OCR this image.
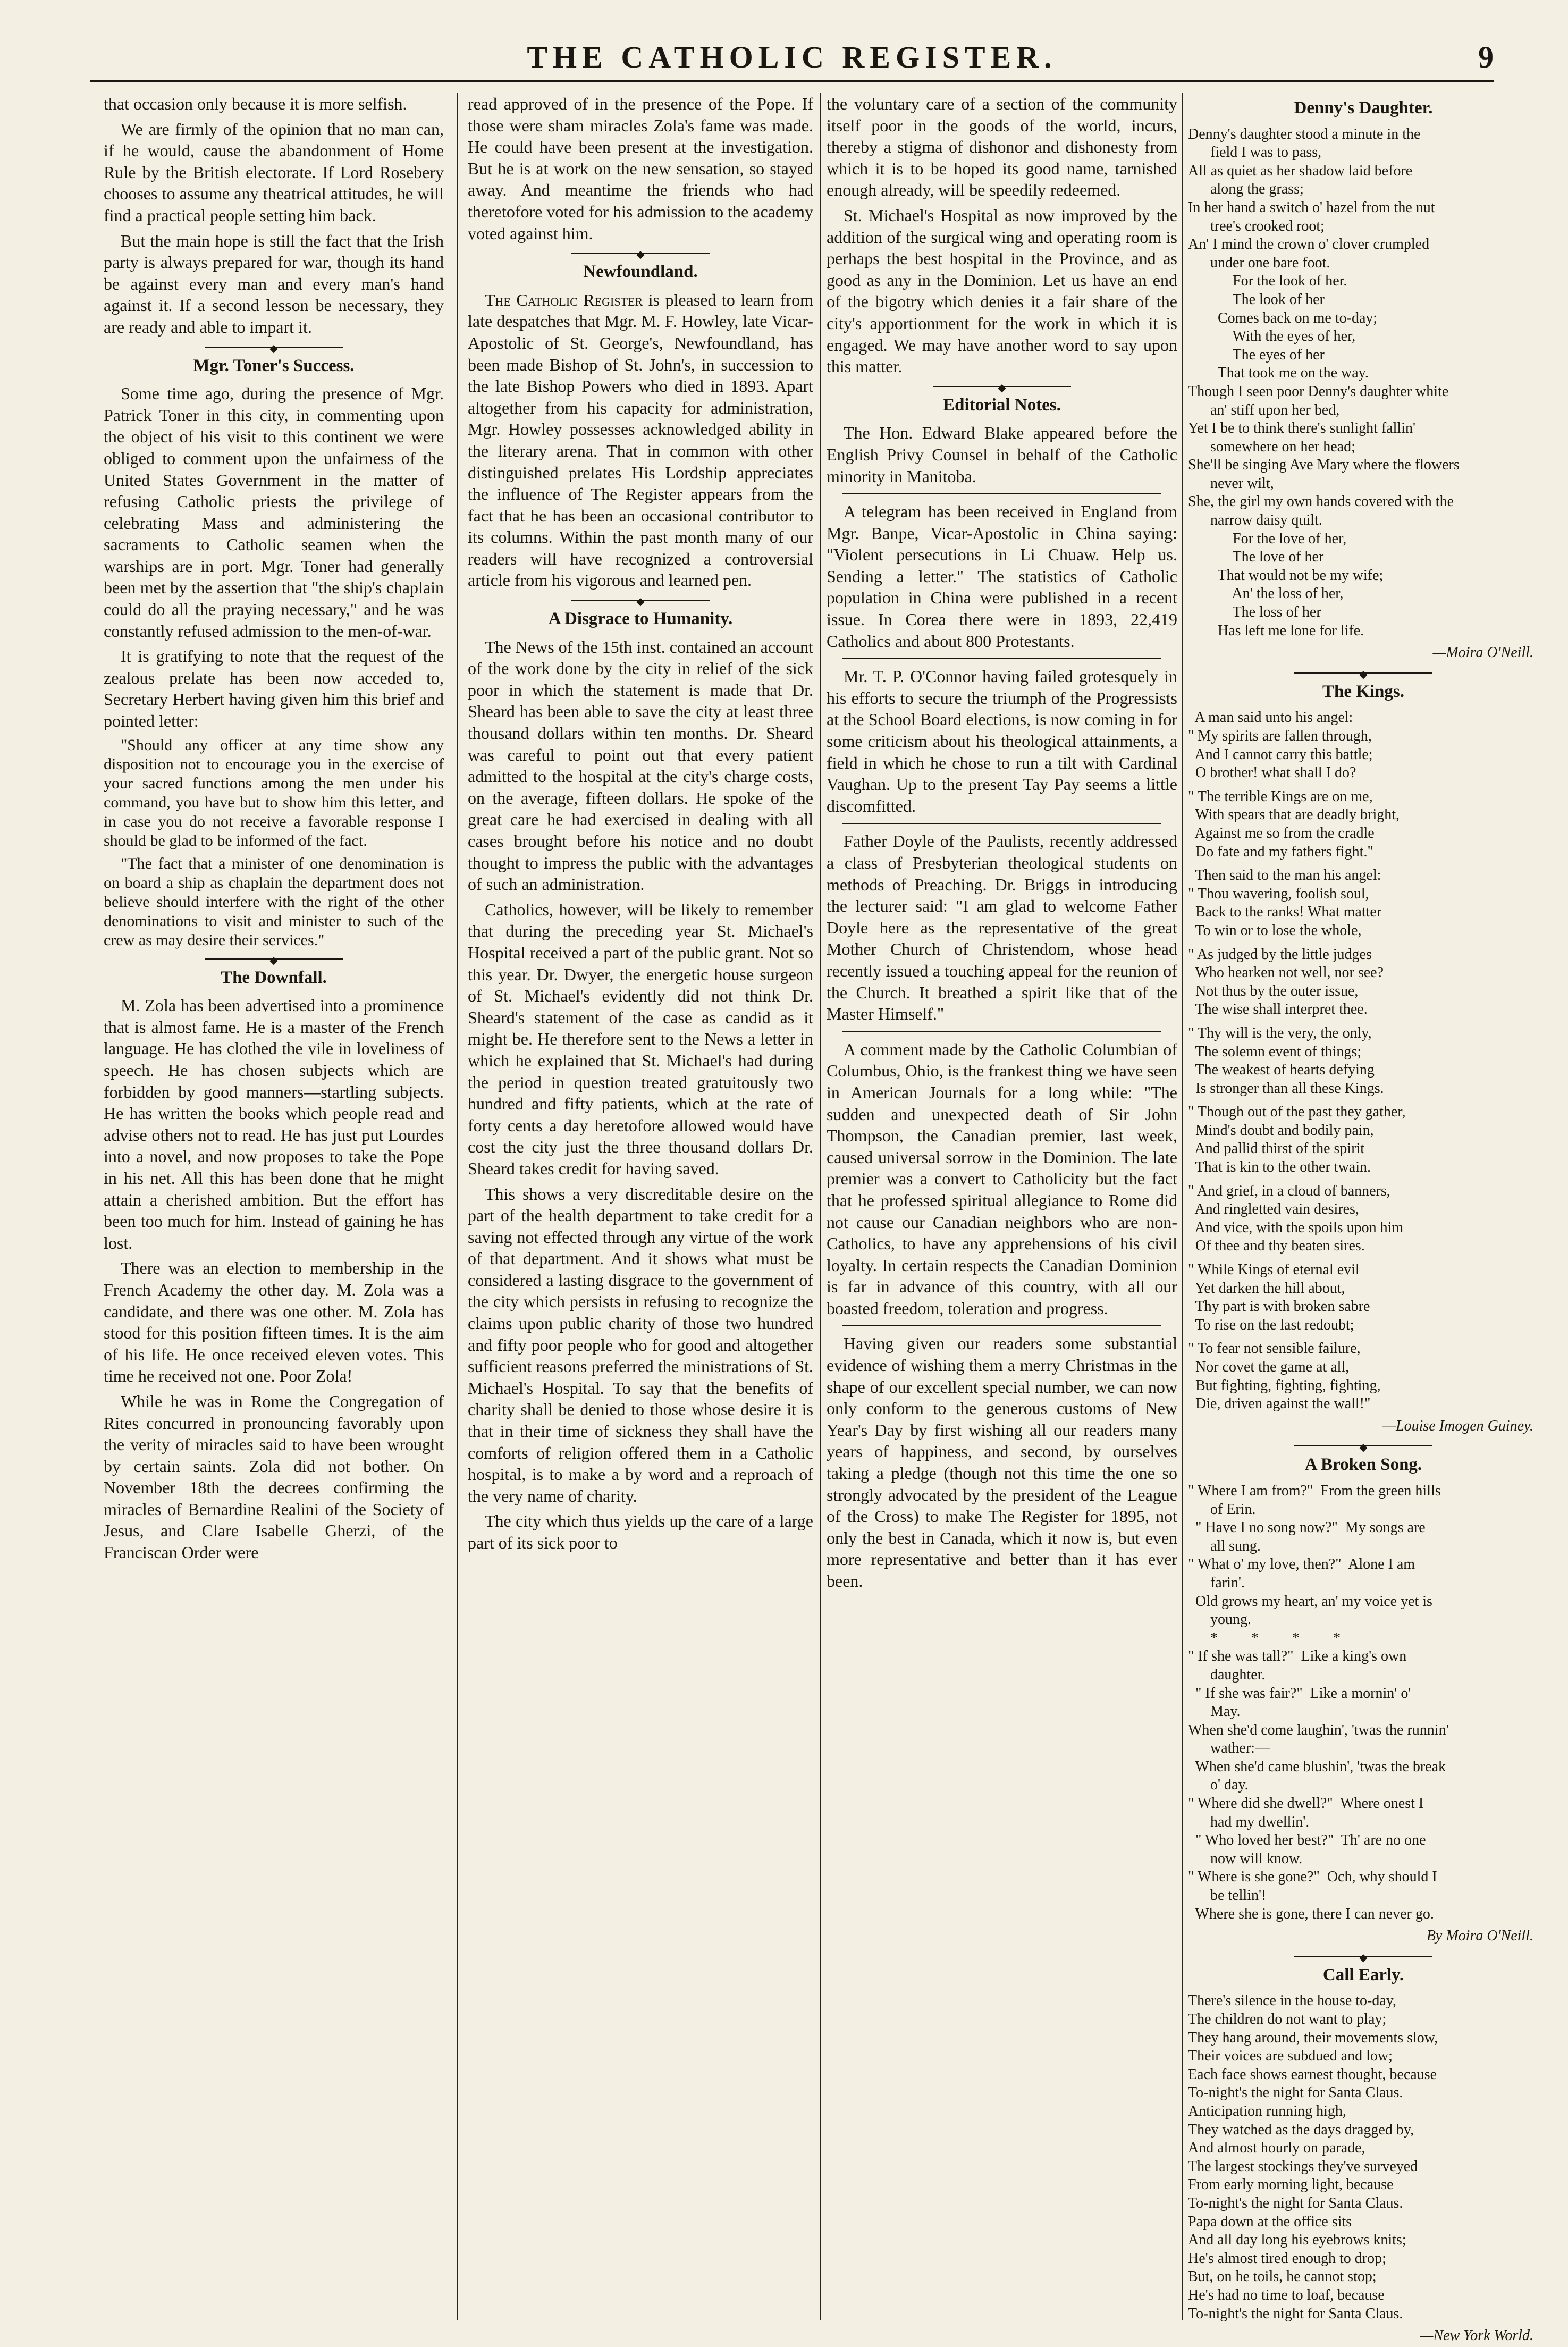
THE CATHOLIC REGISTER.	9

that occasion only because it is more selfish.

We are firmly of the opinion that no man can, if he would, cause the abandonment of Home Rule by the British electorate. If Lord Rosebery chooses to assume any theatrical attitudes, he will find a practical people setting him back.

But the main hope is still the fact that the Irish party is always prepared for war, though its hand be against every man and every man's hand against it. If a second lesson be necessary, they are ready and able to impart it.

◆
Mgr. Toner's Success.

Some time ago, during the presence of Mgr. Patrick Toner in this city, in commenting upon the object of his visit to this continent we were obliged to comment upon the unfairness of the United States Government in the matter of refusing Catholic priests the privilege of celebrating Mass and administering the sacraments to Catholic seamen when the warships are in port. Mgr. Toner had generally been met by the assertion that "the ship's chaplain could do all the praying necessary," and he was constantly refused admission to the men-of-war.

It is gratifying to note that the request of the zealous prelate has been now acceded to, Secretary Herbert having given him this brief and pointed letter:

"Should any officer at any time show any disposition not to encourage you in the exercise of your sacred functions among the men under his command, you have but to show him this letter, and in case you do not receive a favorable response I should be glad to be informed of the fact.

"The fact that a minister of one denomination is on board a ship as chaplain the department does not believe should interfere with the right of the other denominations to visit and minister to such of the crew as may desire their services."

◆
The Downfall.

M. Zola has been advertised into a prominence that is almost fame. He is a master of the French language. He has clothed the vile in loveliness of speech. He has chosen subjects which are forbidden by good manners—startling subjects. He has written the books which people read and advise others not to read. He has just put Lourdes into a novel, and now proposes to take the Pope in his net. All this has been done that he might attain a cherished ambition. But the effort has been too much for him. Instead of gaining he has lost.

There was an election to membership in the French Academy the other day. M. Zola was a candidate, and there was one other. M. Zola has stood for this position fifteen times. It is the aim of his life. He once received eleven votes. This time he received not one. Poor Zola!

While he was in Rome the Congregation of Rites concurred in pronouncing favorably upon the verity of miracles said to have been wrought by certain saints. Zola did not bother. On November 18th the decrees confirming the miracles of Bernardine Realini of the Society of Jesus, and Clare Isabelle Gherzi, of the Franciscan Order were

read approved of in the presence of the Pope. If those were sham miracles Zola's fame was made. He could have been present at the investigation. But he is at work on the new sensation, so stayed away. And meantime the friends who had theretofore voted for his admission to the academy voted against him.

◆
Newfoundland.

The Catholic Register is pleased to learn from late despatches that Mgr. M. F. Howley, late Vicar-Apostolic of St. George's, Newfoundland, has been made Bishop of St. John's, in succession to the late Bishop Powers who died in 1893. Apart altogether from his capacity for administration, Mgr. Howley possesses acknowledged ability in the literary arena. That in common with other distinguished prelates His Lordship appreciates the influence of The Register appears from the fact that he has been an occasional contributor to its columns. Within the past month many of our readers will have recognized a controversial article from his vigorous and learned pen.

◆
A Disgrace to Humanity.

The News of the 15th inst. contained an account of the work done by the city in relief of the sick poor in which the statement is made that Dr. Sheard has been able to save the city at least three thousand dollars within ten months. Dr. Sheard was careful to point out that every patient admitted to the hospital at the city's charge costs, on the average, fifteen dollars. He spoke of the great care he had exercised in dealing with all cases brought before his notice and no doubt thought to impress the public with the advantages of such an administration.

Catholics, however, will be likely to remember that during the preceding year St. Michael's Hospital received a part of the public grant. Not so this year. Dr. Dwyer, the energetic house surgeon of St. Michael's evidently did not think Dr. Sheard's statement of the case as candid as it might be. He therefore sent to the News a letter in which he explained that St. Michael's had during the period in question treated gratuitously two hundred and fifty patients, which at the rate of forty cents a day heretofore allowed would have cost the city just the three thousand dollars Dr. Sheard takes credit for having saved.

This shows a very discreditable desire on the part of the health department to take credit for a saving not effected through any virtue of the work of that department. And it shows what must be considered a lasting disgrace to the government of the city which persists in refusing to recognize the claims upon public charity of those two hundred and fifty poor people who for good and altogether sufficient reasons preferred the ministrations of St. Michael's Hospital. To say that the benefits of charity shall be denied to those whose desire it is that in their time of sickness they shall have the comforts of religion offered them in a Catholic hospital, is to make a by word and a reproach of the very name of charity.

The city which thus yields up the care of a large part of its sick poor to

the voluntary care of a section of the community itself poor in the goods of the world, incurs, thereby a stigma of dishonor and dishonesty from which it is to be hoped its good name, tarnished enough already, will be speedily redeemed.

St. Michael's Hospital as now improved by the addition of the surgical wing and operating room is perhaps the best hospital in the Province, and as good as any in the Dominion. Let us have an end of the bigotry which denies it a fair share of the city's apportionment for the work in which it is engaged. We may have another word to say upon this matter.

◆
Editorial Notes.

The Hon. Edward Blake appeared before the English Privy Counsel in behalf of the Catholic minority in Manitoba.

A telegram has been received in England from Mgr. Banpe, Vicar-Apostolic in China saying: "Violent persecutions in Li Chuaw. Help us. Sending a letter." The statistics of Catholic population in China were published in a recent issue. In Corea there were in 1893, 22,419 Catholics and about 800 Protestants.

Mr. T. P. O'Connor having failed grotesquely in his efforts to secure the triumph of the Progressists at the School Board elections, is now coming in for some criticism about his theological attainments, a field in which he chose to run a tilt with Cardinal Vaughan. Up to the present Tay Pay seems a little discomfitted.

Father Doyle of the Paulists, recently addressed a class of Presbyterian theological students on methods of Preaching. Dr. Briggs in introducing the lecturer said: "I am glad to welcome Father Doyle here as the representative of the great Mother Church of Christendom, whose head recently issued a touching appeal for the reunion of the Church. It breathed a spirit like that of the Master Himself."

A comment made by the Catholic Columbian of Columbus, Ohio, is the frankest thing we have seen in American Journals for a long while: "The sudden and unexpected death of Sir John Thompson, the Canadian premier, last week, caused universal sorrow in the Dominion. The late premier was a convert to Catholicity but the fact that he professed spiritual allegiance to Rome did not cause our Canadian neighbors who are non-Catholics, to have any apprehensions of his civil loyalty. In certain respects the Canadian Dominion is far in advance of this country, with all our boasted freedom, toleration and progress.

Having given our readers some substantial evidence of wishing them a merry Christmas in the shape of our excellent special number, we can now only conform to the generous customs of New Year's Day by first wishing all our readers many years of happiness, and second, by ourselves taking a pledge (though not this time the one so strongly advocated by the president of the League of the Cross) to make The Register for 1895, not only the best in Canada, which it now is, but even more representative and better than it has ever been.

Denny's Daughter.
Denny's daughter stood a minute in the
field I was to pass,
All as quiet as her shadow laid before
along the grass;
In her hand a switch o' hazel from the nut
tree's crooked root;
An' I mind the crown o' clover crumpled
under one bare foot.
For the look of her.
The look of her
Comes back on me to-day;
With the eyes of her,
The eyes of her
That took me on the way.
Though I seen poor Denny's daughter white
an' stiff upon her bed,
Yet I be to think there's sunlight fallin'
somewhere on her head;
She'll be singing Ave Mary where the flowers
never wilt,
She, the girl my own hands covered with the
narrow daisy quilt.
For the love of her,
The love of her
That would not be my wife;
An' the loss of her,
The loss of her
Has left me lone for life.
—Moira O'Neill.
◆
The Kings.
A man said unto his angel:
" My spirits are fallen through,
And I cannot carry this battle;
O brother! what shall I do?

" The terrible Kings are on me,
With spears that are deadly bright,
Against me so from the cradle
Do fate and my fathers fight."

Then said to the man his angel:
" Thou wavering, foolish soul,
Back to the ranks! What matter
To win or to lose the whole,

" As judged by the little judges
Who hearken not well, nor see?
Not thus by the outer issue,
The wise shall interpret thee.

" Thy will is the very, the only,
The solemn event of things;
The weakest of hearts defying
Is stronger than all these Kings.

" Though out of the past they gather,
Mind's doubt and bodily pain,
And pallid thirst of the spirit
That is kin to the other twain.

" And grief, in a cloud of banners,
And ringletted vain desires,
And vice, with the spoils upon him
Of thee and thy beaten sires.

" While Kings of eternal evil
Yet darken the hill about,
Thy part is with broken sabre
To rise on the last redoubt;

" To fear not sensible failure,
Nor covet the game at all,
But fighting, fighting, fighting,
Die, driven against the wall!"
—Louise Imogen Guiney.
◆
A Broken Song.
" Where I am from?"  From the green hills
of Erin.
" Have I no song now?"  My songs are
all sung.
" What o' my love, then?"  Alone I am
farin'.
Old grows my heart, an' my voice yet is
young.
*         *         *         *
" If she was tall?"  Like a king's own
daughter.
" If she was fair?"  Like a mornin' o'
May.
When she'd come laughin', 'twas the runnin'
wather:—
When she'd came blushin', 'twas the break
o' day.
" Where did she dwell?"  Where onest I
had my dwellin'.
" Who loved her best?"  Th' are no one
now will know.
" Where is she gone?"  Och, why should I
be tellin'!
Where she is gone, there I can never go.
By Moira O'Neill.
◆
Call Early.
There's silence in the house to-day,
The children do not want to play;
They hang around, their movements slow,
Their voices are subdued and low;
Each face shows earnest thought, because
To-night's the night for Santa Claus.
Anticipation running high,
They watched as the days dragged by,
And almost hourly on parade,
The largest stockings they've surveyed
From early morning light, because
To-night's the night for Santa Claus.
Papa down at the office sits
And all day long his eyebrows knits;
He's almost tired enough to drop;
But, on he toils, he cannot stop;
He's had no time to loaf, because
To-night's the night for Santa Claus.
—New York World.
